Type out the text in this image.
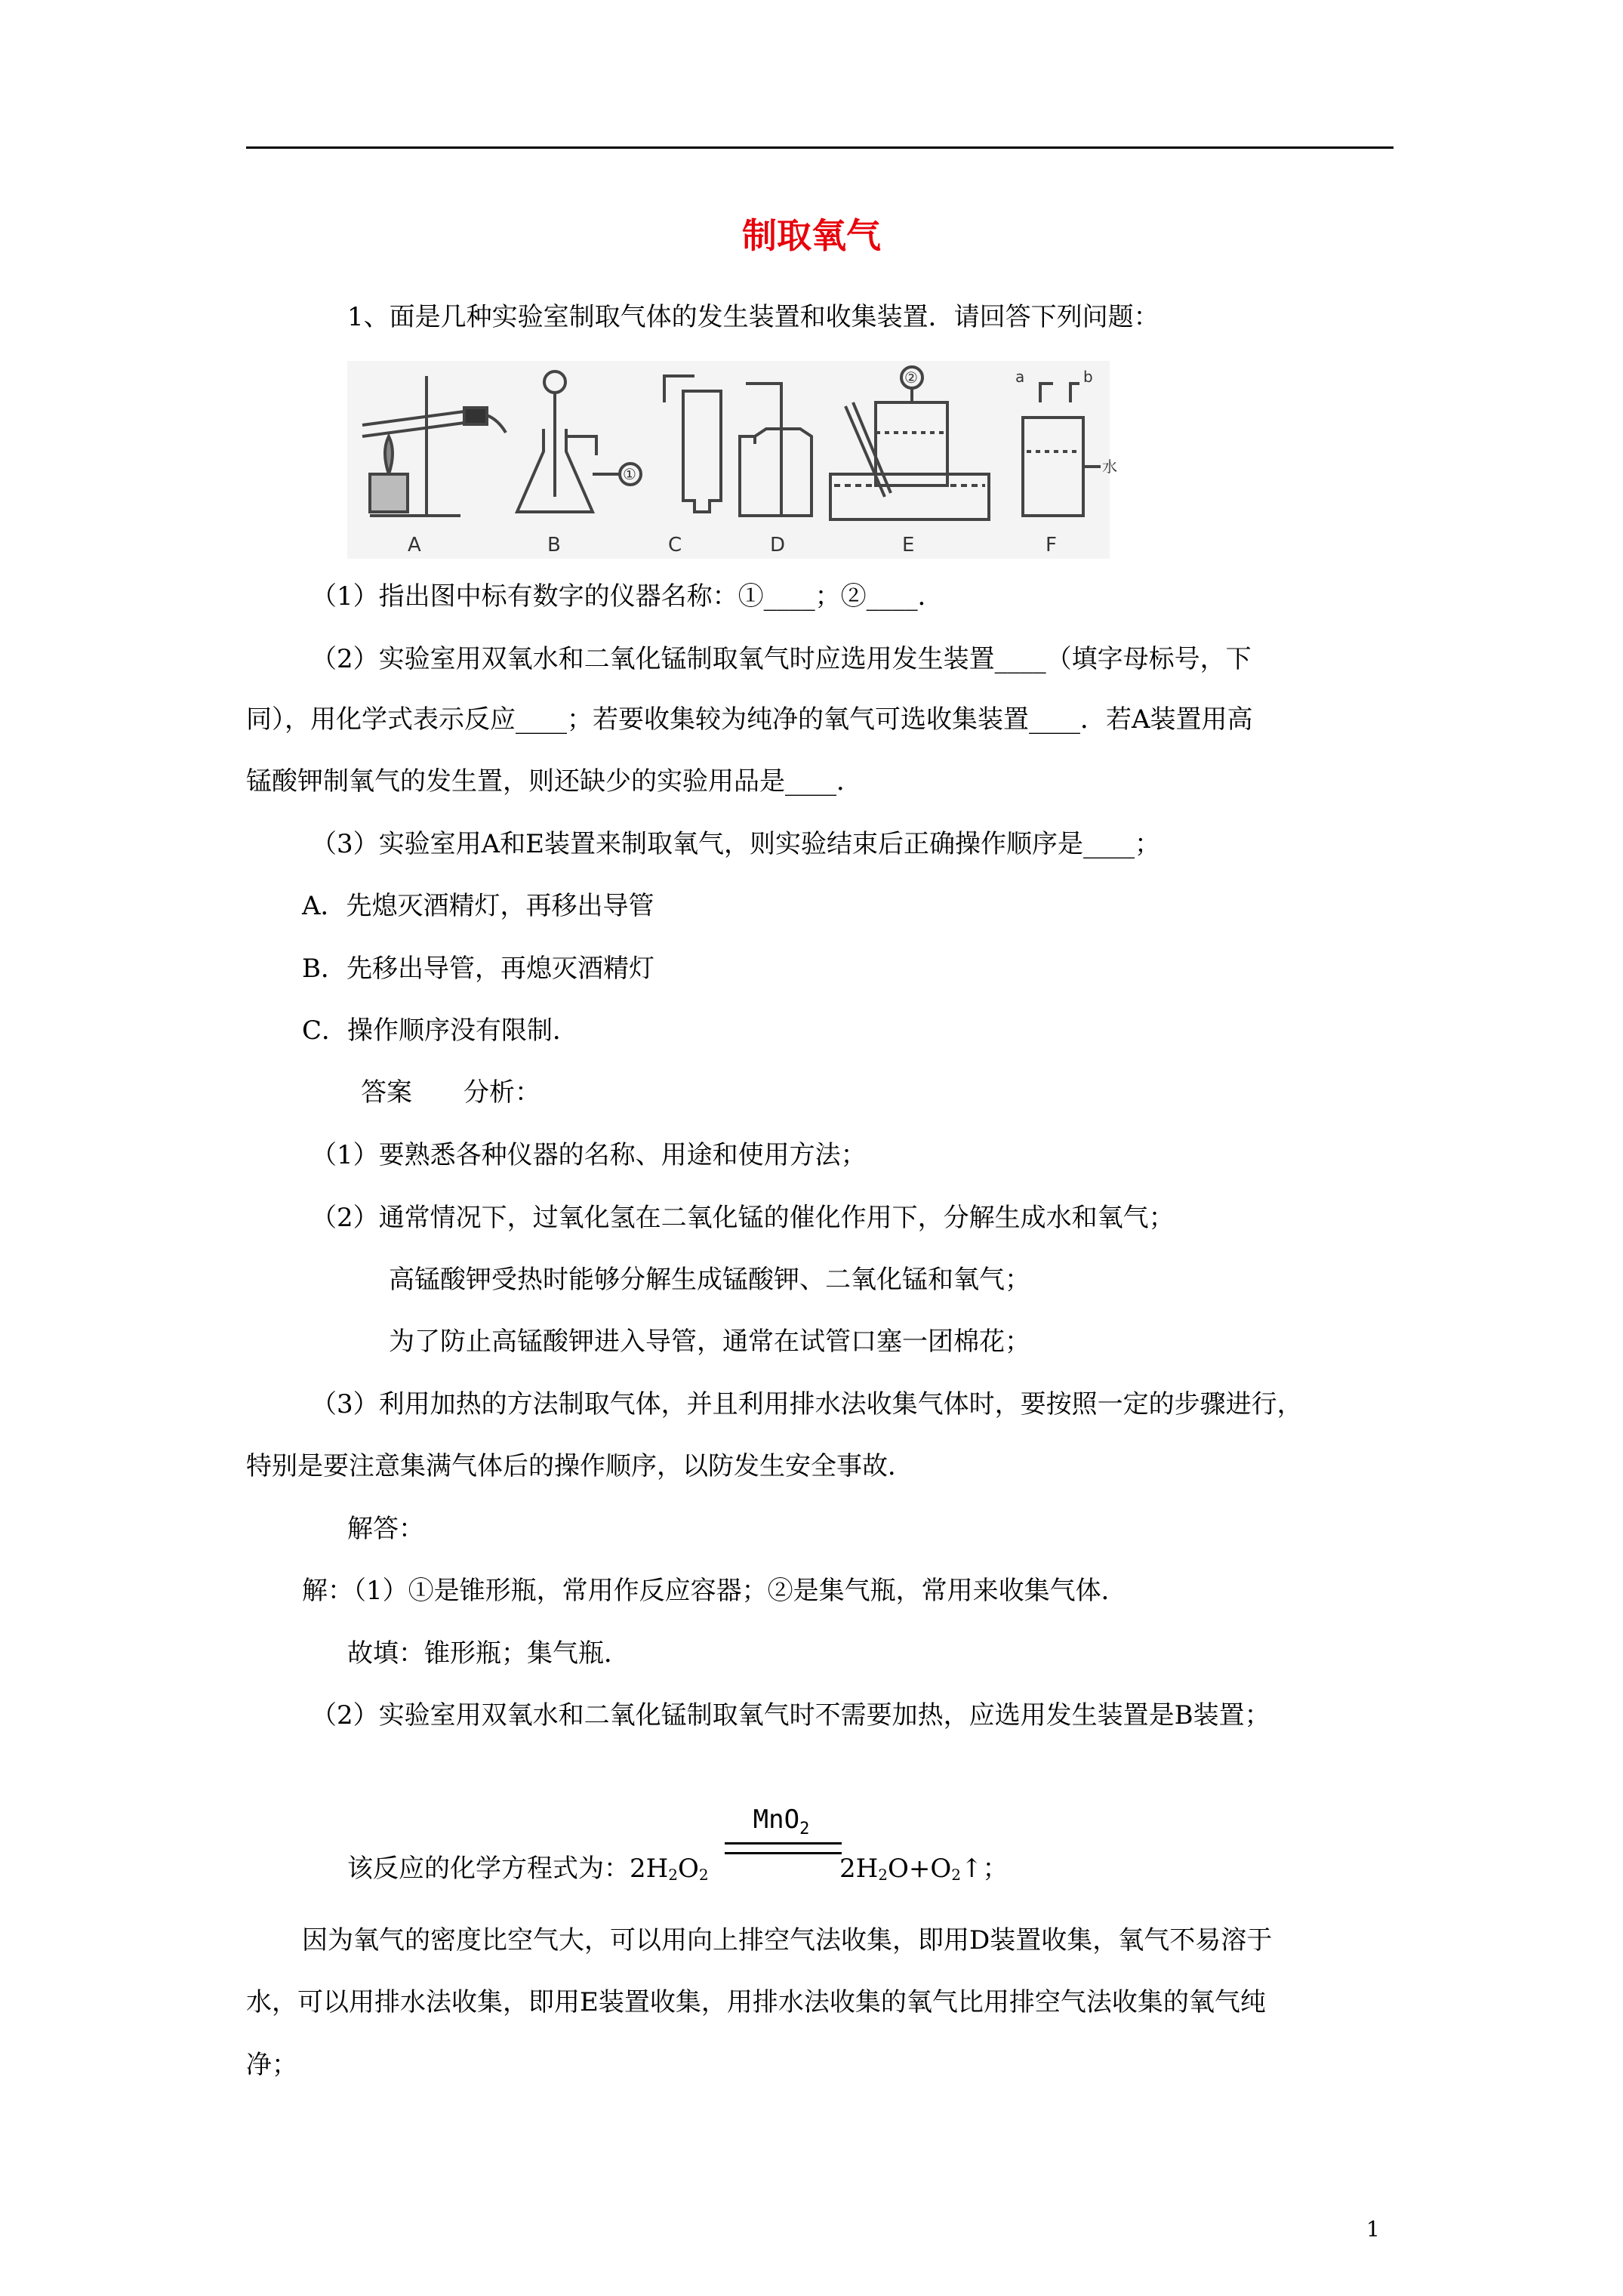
制取氧气
1、面是几种实验室制取气体的发生装置和收集装置．请回答下列问题：
a	b
水
①
②
A	B	C	D	E	F
（1）指出图中标有数字的仪器名称：①____；②____．
（2）实验室用双氧水和二氧化锰制取氧气时应选用发生装置____（填字母标号，下
同），用化学式表示反应____；若要收集较为纯净的氧气可选收集装置____．若A装置用高
锰酸钾制氧气的发生置，则还缺少的实验用品是____．
（3）实验室用A和E装置来制取氧气，则实验结束后正确操作顺序是____；
A．先熄灭酒精灯，再移出导管
B．先移出导管，再熄灭酒精灯
C．操作顺序没有限制．
答案　　分析：
（1）要熟悉各种仪器的名称、用途和使用方法；
（2）通常情况下，过氧化氢在二氧化锰的催化作用下，分解生成水和氧气；
高锰酸钾受热时能够分解生成锰酸钾、二氧化锰和氧气；
为了防止高锰酸钾进入导管，通常在试管口塞一团棉花；
（3）利用加热的方法制取气体，并且利用排水法收集气体时，要按照一定的步骤进行，
特别是要注意集满气体后的操作顺序，以防发生安全事故．
解答：
解：（1）①是锥形瓶，常用作反应容器；②是集气瓶，常用来收集气体．
故填：锥形瓶；集气瓶．
（2）实验室用双氧水和二氧化锰制取氧气时不需要加热，应选用发生装置是B装置；
MnO$_2$
该反应的化学方程式为：$2H_2O_2$	$2H_2O+O_2↑$；
因为氧气的密度比空气大，可以用向上排空气法收集，即用D装置收集，氧气不易溶于
水，可以用排水法收集，即用E装置收集，用排水法收集的氧气比用排空气法收集的氧气纯
净；
1
